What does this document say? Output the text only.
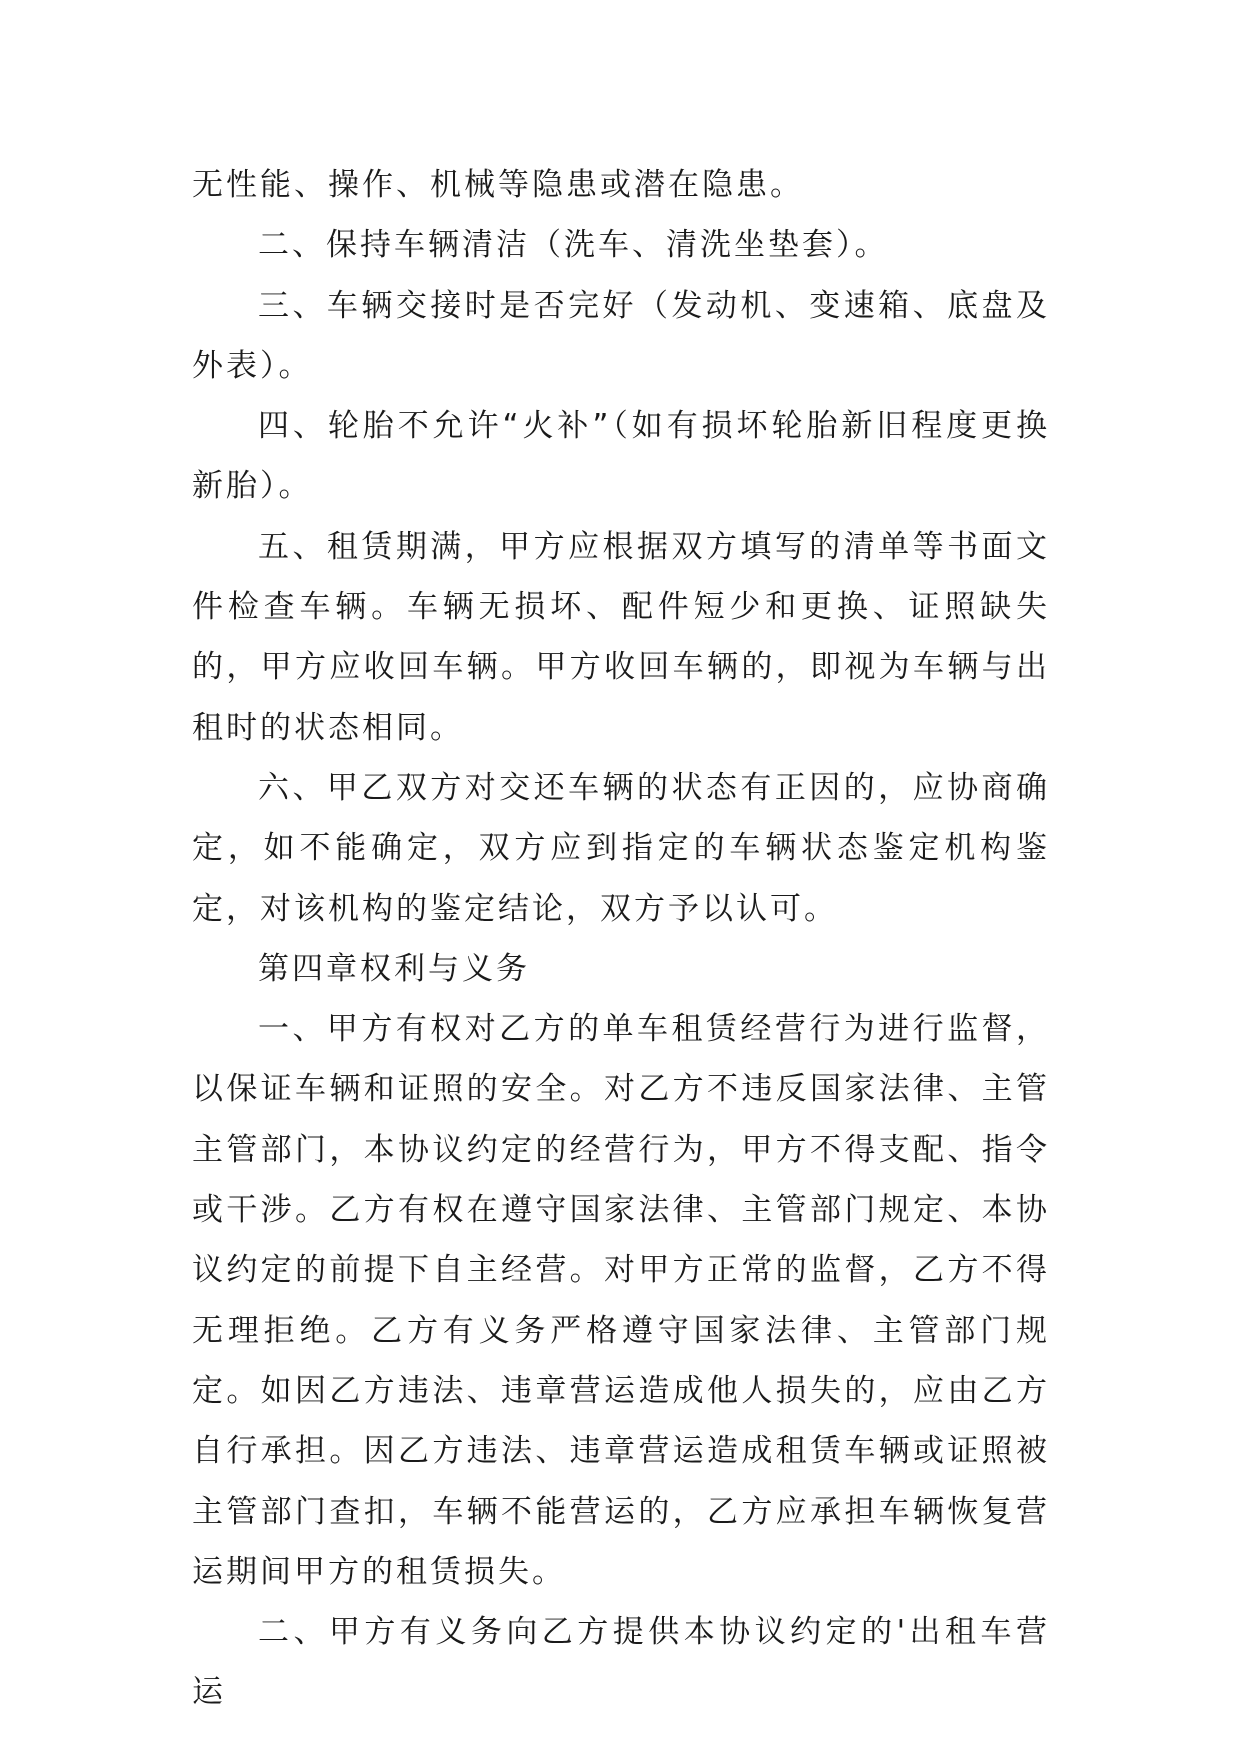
无性能、操作、机械等隐患或潜在隐患。

二、保持车辆清洁（洗车、清洗坐垫套）。

三、车辆交接时是否完好（发动机、变速箱、底盘及外表）。

四、轮胎不允许“火补”（如有损坏轮胎新旧程度更换新胎）。

五、租赁期满，甲方应根据双方填写的清单等书面文件检查车辆。车辆无损坏、配件短少和更换、证照缺失的，甲方应收回车辆。甲方收回车辆的，即视为车辆与出租时的状态相同。

六、甲乙双方对交还车辆的状态有正因的，应协商确定，如不能确定，双方应到指定的车辆状态鉴定机构鉴定，对该机构的鉴定结论，双方予以认可。

第四章权利与义务

一、甲方有权对乙方的单车租赁经营行为进行监督，以保证车辆和证照的安全。对乙方不违反国家法律、主管主管部门，本协议约定的经营行为，甲方不得支配、指令或干涉。乙方有权在遵守国家法律、主管部门规定、本协议约定的前提下自主经营。对甲方正常的监督，乙方不得无理拒绝。乙方有义务严格遵守国家法律、主管部门规定。如因乙方违法、违章营运造成他人损失的，应由乙方自行承担。因乙方违法、违章营运造成租赁车辆或证照被主管部门查扣，车辆不能营运的，乙方应承担车辆恢复营运期间甲方的租赁损失。

二、甲方有义务向乙方提供本协议约定的'出租车营运
